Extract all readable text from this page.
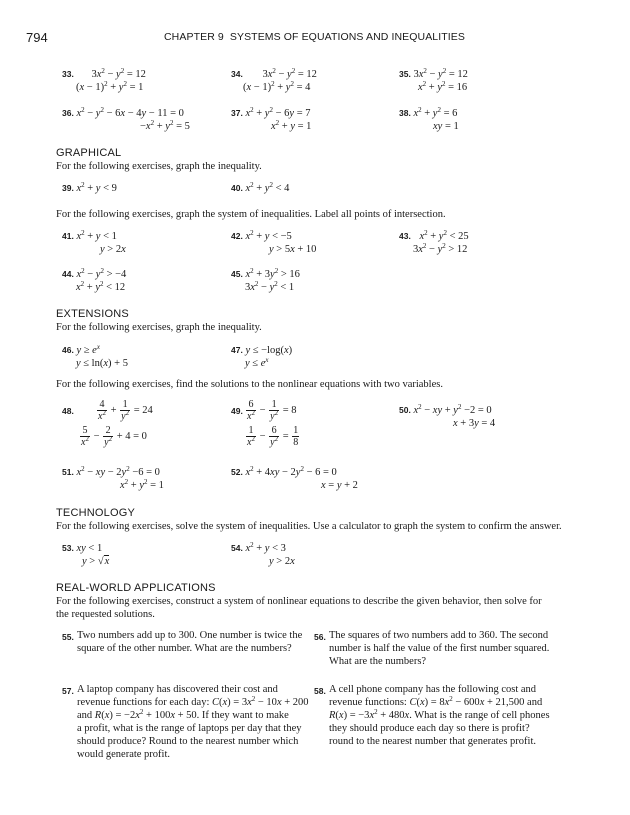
794	CHAPTER 9 SYSTEMS OF EQUATIONS AND INEQUALITIES
33. $3x^2 - y^2 = 12$
$(x - 1)^2 + y^2 = 1$
34. $3x^2 - y^2 = 12$
$(x - 1)^2 + y^2 = 4$
35. $3x^2 - y^2 = 12$
$x^2 + y^2 = 16$
36. $x^2 - y^2 - 6x - 4y - 11 = 0$
$-x^2 + y^2 = 5$
37. $x^2 + y^2 - 6y = 7$
$x^2 + y = 1$
38. $x^2 + y^2 = 6$
xy = 1
GRAPHICAL
For the following exercises, graph the inequality.
39. $x^2 + y < 9$	40. $x^2 + y^2 < 4$
For the following exercises, graph the system of inequalities. Label all points of intersection.
41. $x^2 + y < 1$
y > 2x
42. $x^2 + y < -5$
y > 5x + 10
43. $x^2 + y^2 < 25$
$3x^2 - y^2 > 12$
44. $x^2 - y^2 > -4$
$x^2 + y^2 < 12$
45. $x^2 + 3y^2 > 16$
$3x^2 - y^2 < 1$
EXTENSIONS
For the following exercises, graph the inequality.
46. $y \ge e^x$
y ≤ ln(x) + 5
47. y ≤ −log(x)
$y \le e^x$
For the following exercises, find the solutions to the nonlinear equations with two variables.
48. $\frac{4}{x^2} + \frac{1}{y^2} = 24$
$\frac{5}{x^2} - \frac{2}{y^2} + 4 = 0$
49. $\frac{6}{x^2} - \frac{1}{y^2} = 8$
$\frac{1}{x^2} - \frac{6}{y^2} = \frac{1}{8}$
50. $x^2$ − xy + $y^2 -2 = 0$
x + 3y = 4
51. $x^2$ − xy − $2y^2 -6 = 0$
$x^2 + y^2 = 1$
52. $x^2 + 4xy - 2y^2 - 6 = 0$
x = y + 2
TECHNOLOGY
For the following exercises, solve the system of inequalities. Use a calculator to graph the system to confirm the answer.
53. xy < 1
y > √x
54. $x^2 + y < 3$
y > 2x
REAL-WORLD APPLICATIONS
For the following exercises, construct a system of nonlinear equations to describe the given behavior, then solve for
the requested solutions.
55. Two numbers add up to 300. One number is twice the square of the other number. What are the numbers?
56. The squares of two numbers add to 360. The second number is half the value of the first number squared. What are the numbers?
57. A laptop company has discovered their cost and
revenue functions for each day: $C(x) = 3x^2 - 10x + 200$
and $R(x) = -2x^2 + 100x + 50$. If they want to make
a profit, what is the range of laptops per day that they
should produce? Round to the nearest number which
would generate profit.
58. A cell phone company has the following cost and
revenue functions: $C(x) = 8x^2 - 600x + 21,500$ and
$R(x) = -3x^2 + 480x$. What is the range of cell phones
they should produce each day so there is profit?
round to the nearest number that generates profit.
